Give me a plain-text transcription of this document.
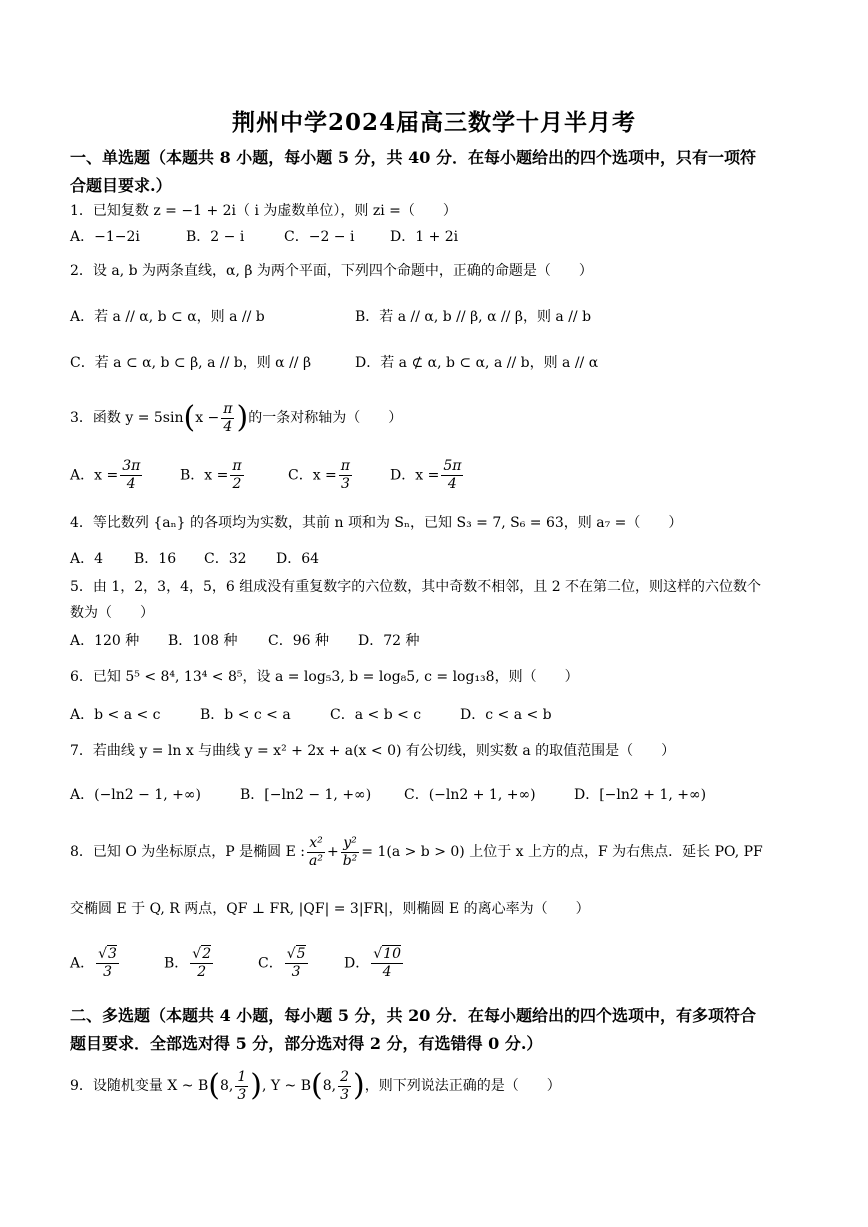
荆州中学2024届高三数学十月半月考
一、单选题（本题共 8 小题，每小题 5 分，共 40 分．在每小题给出的四个选项中，只有一项符
合题目要求.）
1．已知复数 z = −1 + 2i（ i 为虚数单位），则 zi =（　　）
A．−1−2i	B．2 − i	C．−2 − i	D．1 + 2i
2．设 a, b 为两条直线，α, β 为两个平面，下列四个命题中，正确的命题是（　　）
A．若 a // α, b ⊂ α，则 a // b	B．若 a // α, b // β, α // β，则 a // b
C．若 a ⊂ α, b ⊂ β, a // b，则 α // β	D．若 a ⊄ α, b ⊂ α, a // b，则 a // α
3．函数 $y = 5\sin(x - \frac{\pi}{4}$ )的一条对称轴为（　　）
A．$x = \frac{3\pi}{4}$	B．$x = \frac{\pi}{2}$	C．$x = \frac{\pi}{3}$	D．$x = \frac{5\pi}{4}$
4．等比数列 {aₙ} 的各项均为实数，其前 n 项和为 Sₙ，已知 S₃ = 7, S₆ = 63，则 a₇ =（　　）
A．4 B．16 C．32 D．64
5．由 1，2，3，4，5，6 组成没有重复数字的六位数，其中奇数不相邻，且 2 不在第二位，则这样的六位数个
数为（　　）
A．120 种 B．108 种 C．96 种 D．72 种
6．已知 5⁵ < 8⁴, 13⁴ < 8⁵，设 a = log₅3, b = log₈5, c = log₁₃8，则（　　）
A．b < a < c	B．b < c < a	C．a < b < c	D．c < a < b
7．若曲线 y = ln x 与曲线 y = x² + 2x + a(x < 0) 有公切线，则实数 a 的取值范围是（　　）
A．(−ln2 − 1, +∞)	B．[−ln2 − 1, +∞) C．(−ln2 + 1, +∞)	D．[−ln2 + 1, +∞)
8．已知 O 为坐标原点，P 是椭圆 E : $\frac{\text{x²}}{\text{a²}} + \frac{\text{y²}}{\text{b²}} = 1(a > b > 0)$ 上位于 x 上方的点，F 为右焦点．延长 PO, PF
交椭圆 E 于 Q, R 两点，QF ⊥ FR, |QF| = 3|FR|，则椭圆 E 的离心率为（　　）
A． $\frac{√3}{3}$	B． $\frac{√2}{2}$	C． $\frac{√5}{3}$	D． $\frac{√10}{4}$
二、多选题（本题共 4 小题，每小题 5 分，共 20 分．在每小题给出的四个选项中，有多项符合
题目要求．全部选对得 5 分，部分选对得 2 分，有选错得 0 分.）
9．设随机变量 X ~ B(8, $\frac{1}{3}$ ), Y ~ B(8, $\frac{2}{3}$ )，则下列说法正确的是（　　）
